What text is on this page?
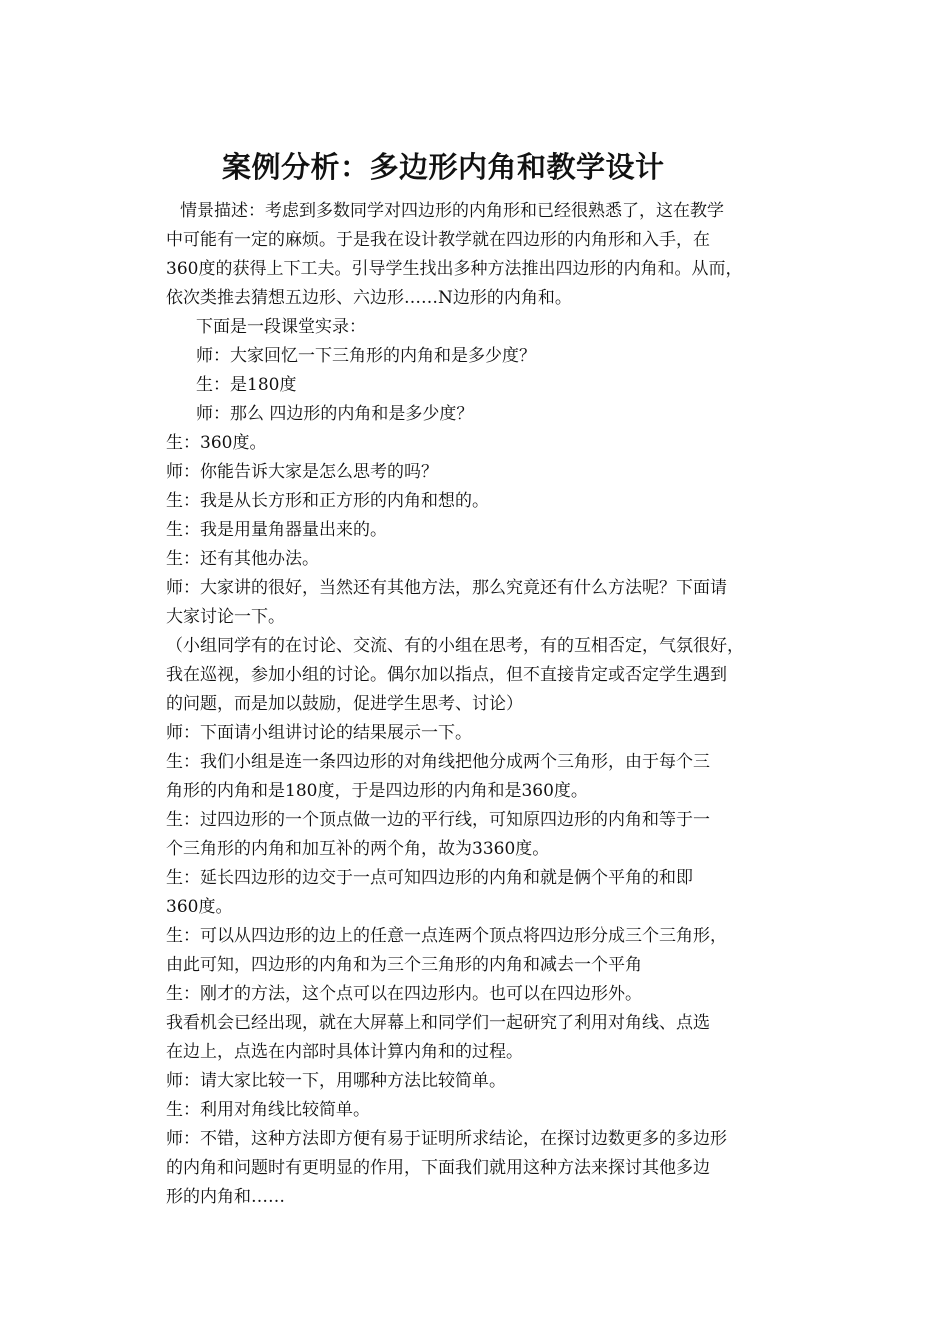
案例分析：多边形内角和教学设计

情景描述：考虑到多数同学对四边形的内角形和已经很熟悉了，这在教学

中可能有一定的麻烦。于是我在设计教学就在四边形的内角形和入手，在

360度的获得上下工夫。引导学生找出多种方法推出四边形的内角和。从而，

依次类推去猜想五边形、六边形……N边形的内角和。

下面是一段课堂实录：

师：大家回忆一下三角形的内角和是多少度？

生：是180度

师：那么 四边形的内角和是多少度？

生：360度。

师：你能告诉大家是怎么思考的吗？

生：我是从长方形和正方形的内角和想的。

生：我是用量角器量出来的。

生：还有其他办法。

师：大家讲的很好，当然还有其他方法，那么究竟还有什么方法呢？下面请

大家讨论一下。

（小组同学有的在讨论、交流、有的小组在思考，有的互相否定，气氛很好，

我在巡视，参加小组的讨论。偶尔加以指点，但不直接肯定或否定学生遇到

的问题，而是加以鼓励，促进学生思考、讨论）

师：下面请小组讲讨论的结果展示一下。

生：我们小组是连一条四边形的对角线把他分成两个三角形，由于每个三

角形的内角和是180度，于是四边形的内角和是360度。

生：过四边形的一个顶点做一边的平行线，可知原四边形的内角和等于一

个三角形的内角和加互补的两个角，故为3360度。

生：延长四边形的边交于一点可知四边形的内角和就是俩个平角的和即

360度。

生：可以从四边形的边上的任意一点连两个顶点将四边形分成三个三角形，

由此可知，四边形的内角和为三个三角形的内角和减去一个平角

生：刚才的方法，这个点可以在四边形内。也可以在四边形外。

我看机会已经出现，就在大屏幕上和同学们一起研究了利用对角线、点选

在边上，点选在内部时具体计算内角和的过程。

师：请大家比较一下，用哪种方法比较简单。

生：利用对角线比较简单。

师：不错，这种方法即方便有易于证明所求结论，在探讨边数更多的多边形

的内角和问题时有更明显的作用，下面我们就用这种方法来探讨其他多边

形的内角和……
